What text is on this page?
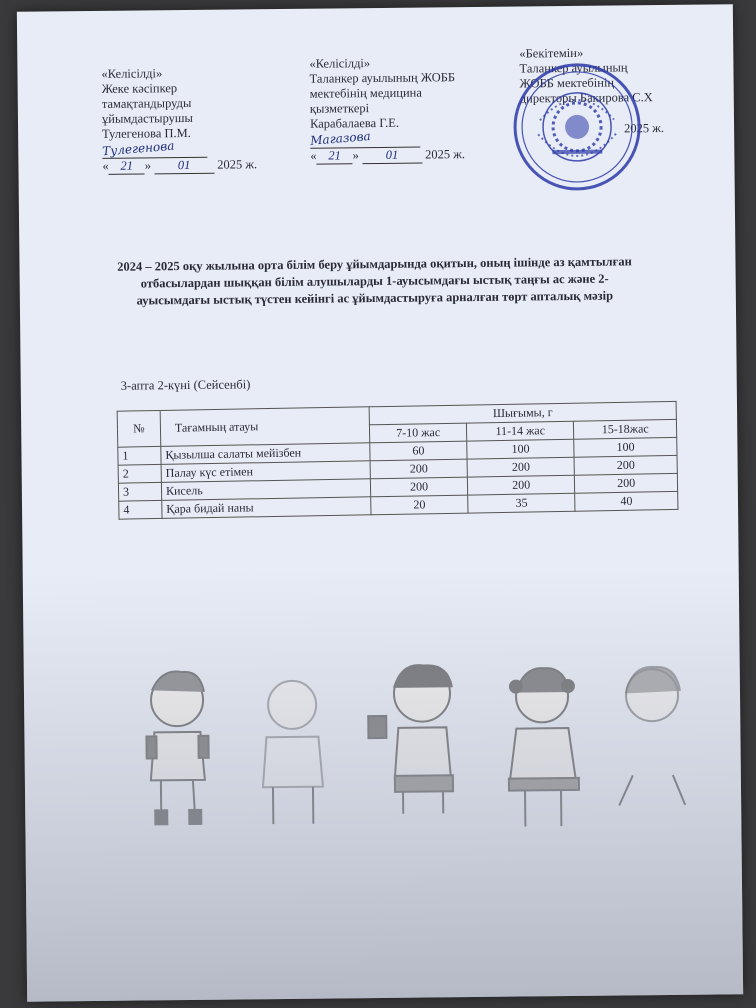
«Келісілді»
Жеке кәсіпкер
тамақтандыруды
ұйымдастырушы
Тулегенова П.М.
Тулегенова
« 21 » 01 2025 ж.
«Келісілді»
Таланкер ауылының ЖОББ
мектебінің медицина
қызметкері
Карабалаева Г.Е.
Магазова
« 21 » 01 2025 ж.
«Бекітемін»
Таланкер ауылының
ЖОББ мектебінің
директоры Бакирова С.Х
2025 ж.
2024 – 2025 оқу жылына орта білім беру ұйымдарында оқитын, оның ішінде аз қамтылған отбасылардан шыққан білім алушыларды 1-ауысымдағы ыстық таңғы ас және 2-ауысымдағы ыстық түстен кейінгі ас ұйымдастыруға арналған төрт апталық мәзір
3-апта 2-күні (Сейсенбі)
№	Тағамның атауы	Шығымы, г		
		7-10 жас	11-14 жас	15-18жас
1	Қызылша салаты мейізбен	60	100	100
2	Палау күс етімен	200	200	200
3	Кисель	200	200	200
4	Қара бидай наны	20	35	40
